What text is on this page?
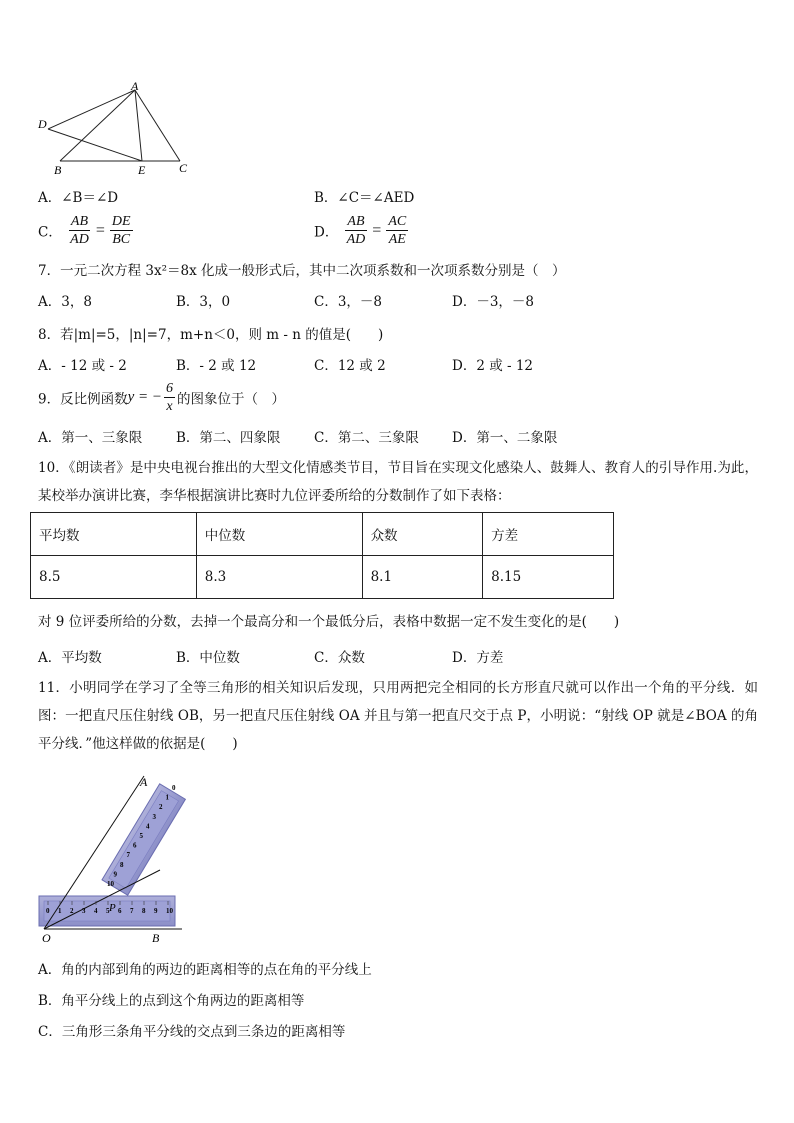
A
D
B	E	C
A．∠B＝∠D	B．∠C＝∠AED
C． $\frac{AB}{AD} = \frac{DE}{BC}$	D． $\frac{AB}{AD} = \frac{AC}{AE}$
7．一元二次方程 3x²＝8x 化成一般形式后，其中二次项系数和一次项系数分别是（　）
A．3，8	B．3，0	C．3，－8	D．－3，－8
8．若|m|=5，|n|=7，m+n＜0，则 m - n 的值是(　　)
A．- 12 或 - 2	B．- 2 或 12	C．12 或 2	D．2 或 - 12
9．反比例函数y = − $\frac{6}{x}$ 的图象位于（　）
A．第一、三象限	B．第二、四象限 C．第二、三象限 D．第一、二象限
10．《朗读者》是中央电视台推出的大型文化情感类节目，节目旨在实现文化感染人、鼓舞人、教育人的引导作用.为此，某校举办演讲比赛，李华根据演讲比赛时九位评委所给的分数制作了如下表格：
平均数	中位数	众数	方差
8.5	8.3	8.1	8.15
对 9 位评委所给的分数，去掉一个最高分和一个最低分后，表格中数据一定不发生变化的是(　　)
A．平均数	B．中位数	C．众数	D．方差
11．小明同学在学习了全等三角形的相关知识后发现，只用两把完全相同的长方形直尺就可以作出一个角的平分线．如图：一把直尺压住射线 OB，另一把直尺压住射线 OA 并且与第一把直尺交于点 P，小明说：“射线 OP 就是∠BOA 的角平分线．”他这样做的依据是(　　)
0 1 2 3 4 5 6 7 8 9 10
0
1
2
3
4
5
6
7
8
9
10
A
O	B
P
A．角的内部到角的两边的距离相等的点在角的平分线上
B．角平分线上的点到这个角两边的距离相等
C．三角形三条角平分线的交点到三条边的距离相等
